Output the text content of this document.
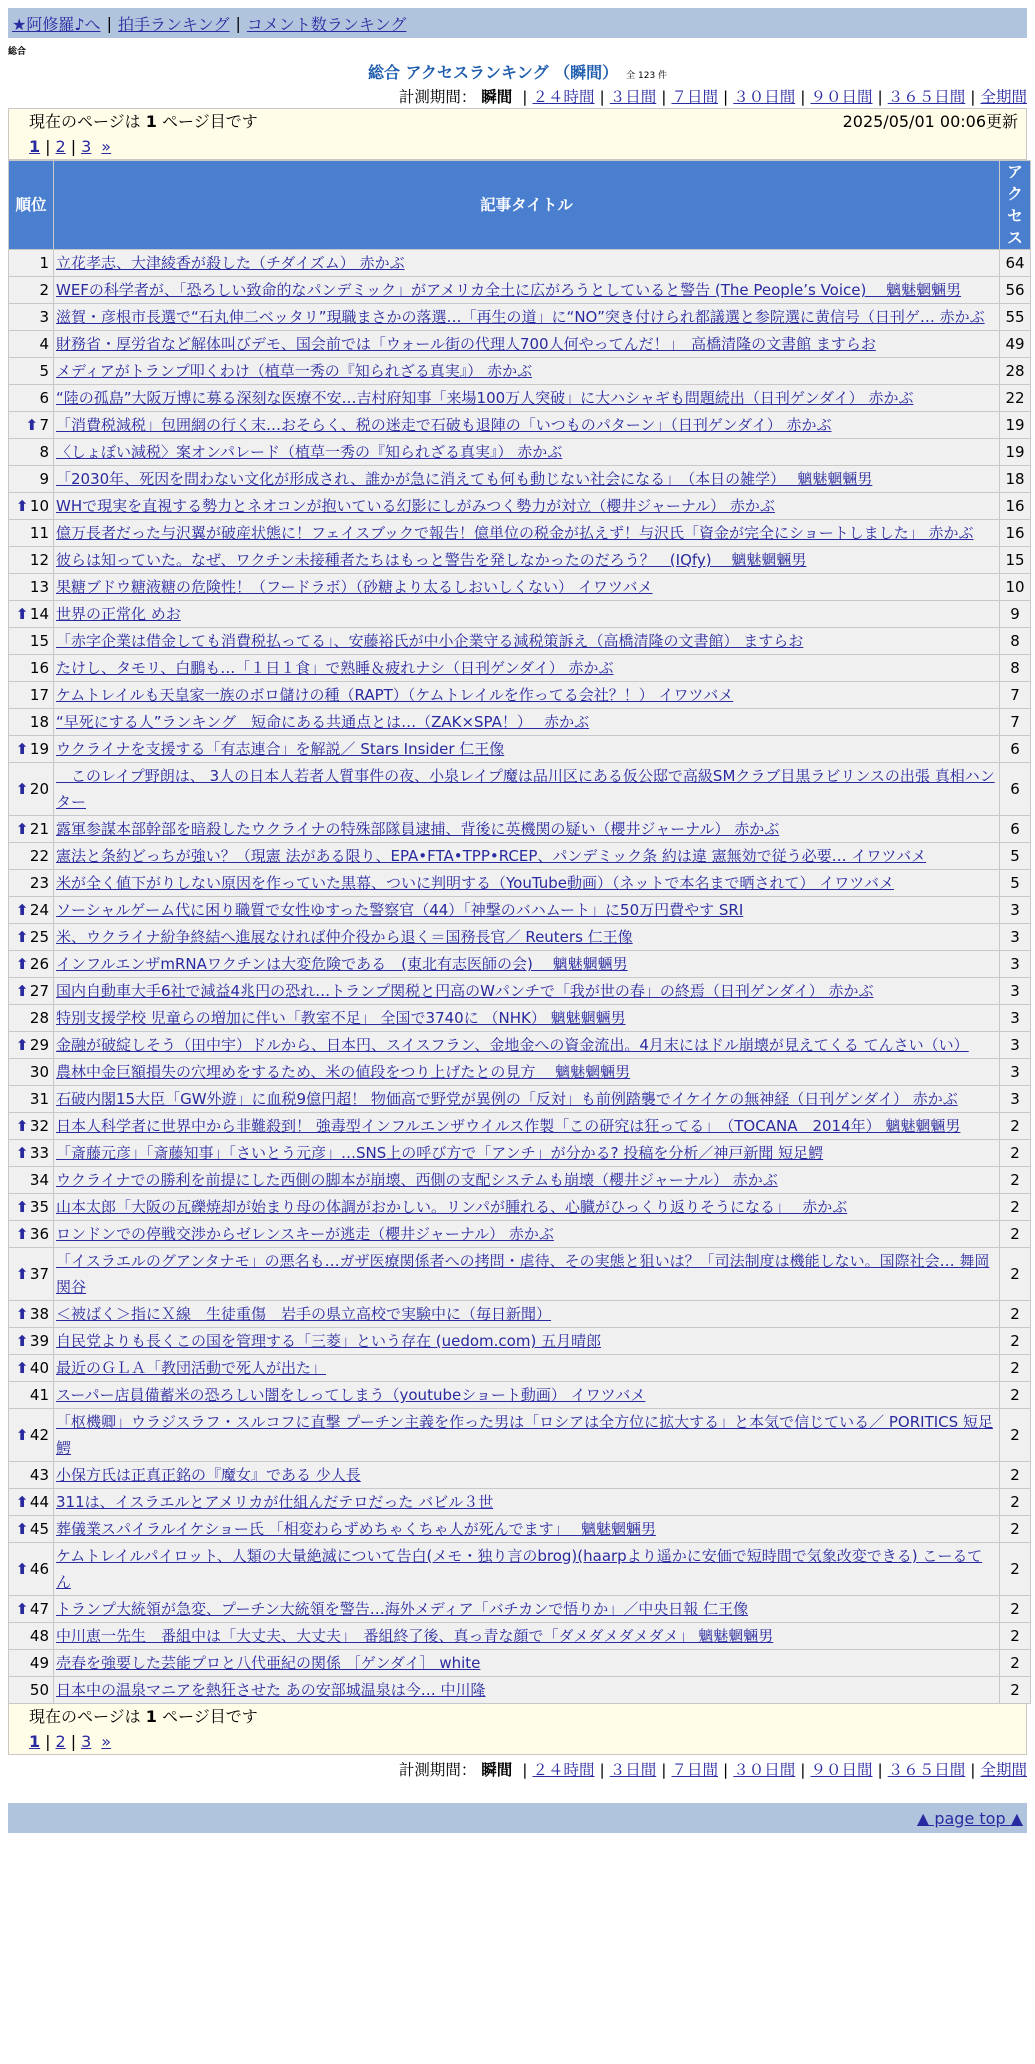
★阿修羅♪へ | 拍手ランキング | コメント数ランキング
総合
総合 アクセスランキング （瞬間） 全 123 件
計測期間： 瞬間 | ２４時間 | ３日間 | ７日間 | ３０日間 | ９０日間 | ３６５日間 | 全期間
現在のページは 1 ページ目です	2025/05/01 00:06更新
1 | 2 | 3 »
順位	記事タイトル	アクセス
1	立花孝志、大津綾香が殺した（チダイズム） 赤かぶ	64
2	WEFの科学者が、「恐ろしい致命的なパンデミック」がアメリカ全土に広がろうとしていると警告 (The People’s Voice)　 魑魅魍魎男	56
3	滋賀・彦根市長選で“石丸伸二ベッタリ”現職まさかの落選…「再生の道」に“NO”突き付けられ都議選と参院選に黄信号（日刊ゲ… 赤かぶ	55
4	財務省・厚労省など解体叫びデモ、国会前では「ウォール街の代理人700人何やってんだ！」　高橋清隆の文書館 ますらお	49
5	メディアがトランプ叩くわけ（植草一秀の『知られざる真実』） 赤かぶ	28
6	“陸の孤島”大阪万博に募る深刻な医療不安…吉村府知事「来場100万人突破」に大ハシャギも問題続出（日刊ゲンダイ） 赤かぶ	22
⬆7	「消費税減税」包囲網の行く末…おそらく、税の迷走で石破も退陣の「いつものパターン」（日刊ゲンダイ） 赤かぶ	19
8	〈しょぼい減税〉案オンパレード（植草一秀の『知られざる真実』） 赤かぶ	19
9	「2030年、死因を問わない文化が形成され、誰かが急に消えても何も動じない社会になる」　（本日の雑学）　 魑魅魍魎男	18
⬆10	WHで現実を直視する勢力とネオコンが抱いている幻影にしがみつく勢力が対立（櫻井ジャーナル） 赤かぶ	16
11	億万長者だった与沢翼が破産状態に！フェイスブックで報告！億単位の税金が払えず！与沢氏「資金が完全にショートしました」 赤かぶ	16
12	彼らは知っていた。なぜ、ワクチン未接種者たちはもっと警告を発しなかったのだろう？　(IQfy)　 魑魅魍魎男	15
13	果糖ブドウ糖液糖の危険性！（フードラボ）（砂糖より太るしおいしくない） イワツバメ	10
⬆14	世界の正常化 めお	9
15	「赤字企業は借金しても消費税払ってる」、安藤裕氏が中小企業守る減税策訴え（高橋清隆の文書館） ますらお	8
16	たけし、タモリ、白鵬も…「１日１食」で熟睡＆疲れナシ（日刊ゲンダイ） 赤かぶ	8
17	ケムトレイルも天皇家一族のボロ儲けの種（RAPT）（ケムトレイルを作ってる会社？！） イワツバメ	7
18	“早死にする人”ランキング　短命にある共通点とは…（ZAK×SPA！）　 赤かぶ	7
⬆19	ウクライナを支援する「有志連合」を解説／ Stars Insider 仁王像	6
⬆20	　このレイプ野朗は、 3人の日本人若者人質事件の夜、小泉レイプ魔は品川区にある仮公邸で高級SMクラブ目黒ラビリンスの出張 真相ハンター	6
⬆21	露軍参謀本部幹部を暗殺したウクライナの特殊部隊員逮捕、背後に英機関の疑い（櫻井ジャーナル） 赤かぶ	6
22	憲法と条約どっちが強い？（現憲 法がある限り、EPA•FTA•TPP•RCEP、パンデミック条 約は違 憲無効で従う必要… イワツバメ	5
23	米が全く値下がりしない原因を作っていた黒幕、ついに判明する（YouTube動画）（ネットで本名まで晒されて） イワツバメ	5
⬆24	ソーシャルゲーム代に困り職質で女性ゆすった警察官（44）「神撃のバハムート」に50万円費やす SRI	3
⬆25	米、ウクライナ紛争終結へ進展なければ仲介役から退く＝国務長官／ Reuters 仁王像	3
⬆26	インフルエンザmRNAワクチンは大変危険である　(東北有志医師の会)　 魑魅魍魎男	3
⬆27	国内自動車大手6社で減益4兆円の恐れ…トランプ関税と円高のWパンチで「我が世の春」の終焉（日刊ゲンダイ） 赤かぶ	3
28	特別支援学校 児童らの増加に伴い「教室不足」 全国で3740に （NHK） 魑魅魍魎男	3
⬆29	金融が破綻しそう（田中宇）ドルから、日本円、スイスフラン、金地金への資金流出。4月末にはドル崩壊が見えてくる てんさい（い）	3
30	農林中金巨額損失の穴埋めをするため、米の値段をつり上げたとの見方　 魑魅魍魎男	3
31	石破内閣15大臣「GW外遊」に血税9億円超！ 物価高で野党が異例の「反対」も前例踏襲でイケイケの無神経（日刊ゲンダイ） 赤かぶ	3
⬆32	日本人科学者に世界中から非難殺到！ 強毒型インフルエンザウイルス作製「この研究は狂ってる」　（TOCANA　2014年） 魑魅魍魎男	2
⬆33	「斎藤元彦」「斎藤知事」「さいとう元彦」…SNS上の呼び方で「アンチ」が分かる? 投稿を分析／神戸新聞 短足鰐	2
34	ウクライナでの勝利を前提にした西側の脚本が崩壊、西側の支配システムも崩壊（櫻井ジャーナル） 赤かぶ	2
⬆35	山本太郎「大阪の瓦礫焼却が始まり母の体調がおかしい。リンパが腫れる、心臓がひっくり返りそうになる」　 赤かぶ	2
⬆36	ロンドンでの停戦交渉からゼレンスキーが逃走（櫻井ジャーナル） 赤かぶ	2
⬆37	「イスラエルのグアンタナモ」の悪名も…ガザ医療関係者への拷問・虐待、その実態と狙いは？「司法制度は機能しない。国際社会… 舞岡関谷	2
⬆38	＜被ばく＞指にＸ線　生徒重傷　岩手の県立高校で実験中に（毎日新聞）	2
⬆39	自民党よりも長くこの国を管理する「三菱」という存在 (uedom.com) 五月晴郎	2
⬆40	最近のＧＬＡ「教団活動で死人が出た」	2
41	スーパー店員備蓄米の恐ろしい闇をしってしまう（youtubeショート動画） イワツバメ	2
⬆42	「枢機卿」ウラジスラフ・スルコフに直撃 プーチン主義を作った男は「ロシアは全方位に拡大する」と本気で信じている／ PORITICS 短足鰐	2
43	小保方氏は正真正銘の『魔女』である 少人長	2
⬆44	311は、イスラエルとアメリカが仕組んだテロだった バビル３世	2
⬆45	葬儀業スパイラルイケショー氏 「相変わらずめちゃくちゃ人が死んでます」　 魑魅魍魎男	2
⬆46	ケムトレイルパイロット、人類の大量絶滅について告白(メモ・独り言のbrog)(haarpより遥かに安価で短時間で気象改変できる) こーるてん	2
⬆47	トランプ大統領が急変、プーチン大統領を警告…海外メディア「バチカンで悟りか」／中央日報 仁王像	2
48	中川恵一先生　番組中は「大丈夫、大丈夫」　番組終了後、真っ青な顔で「ダメダメダメダメ」 魑魅魍魎男	2
49	売春を強要した芸能プロと八代亜紀の関係 ［ゲンダイ］ white	2
50	日本中の温泉マニアを熱狂させた あの安部城温泉は今… 中川隆	2
現在のページは 1 ページ目です
1 | 2 | 3 »
計測期間： 瞬間 | ２４時間 | ３日間 | ７日間 | ３０日間 | ９０日間 | ３６５日間 | 全期間
▲ page top ▲
